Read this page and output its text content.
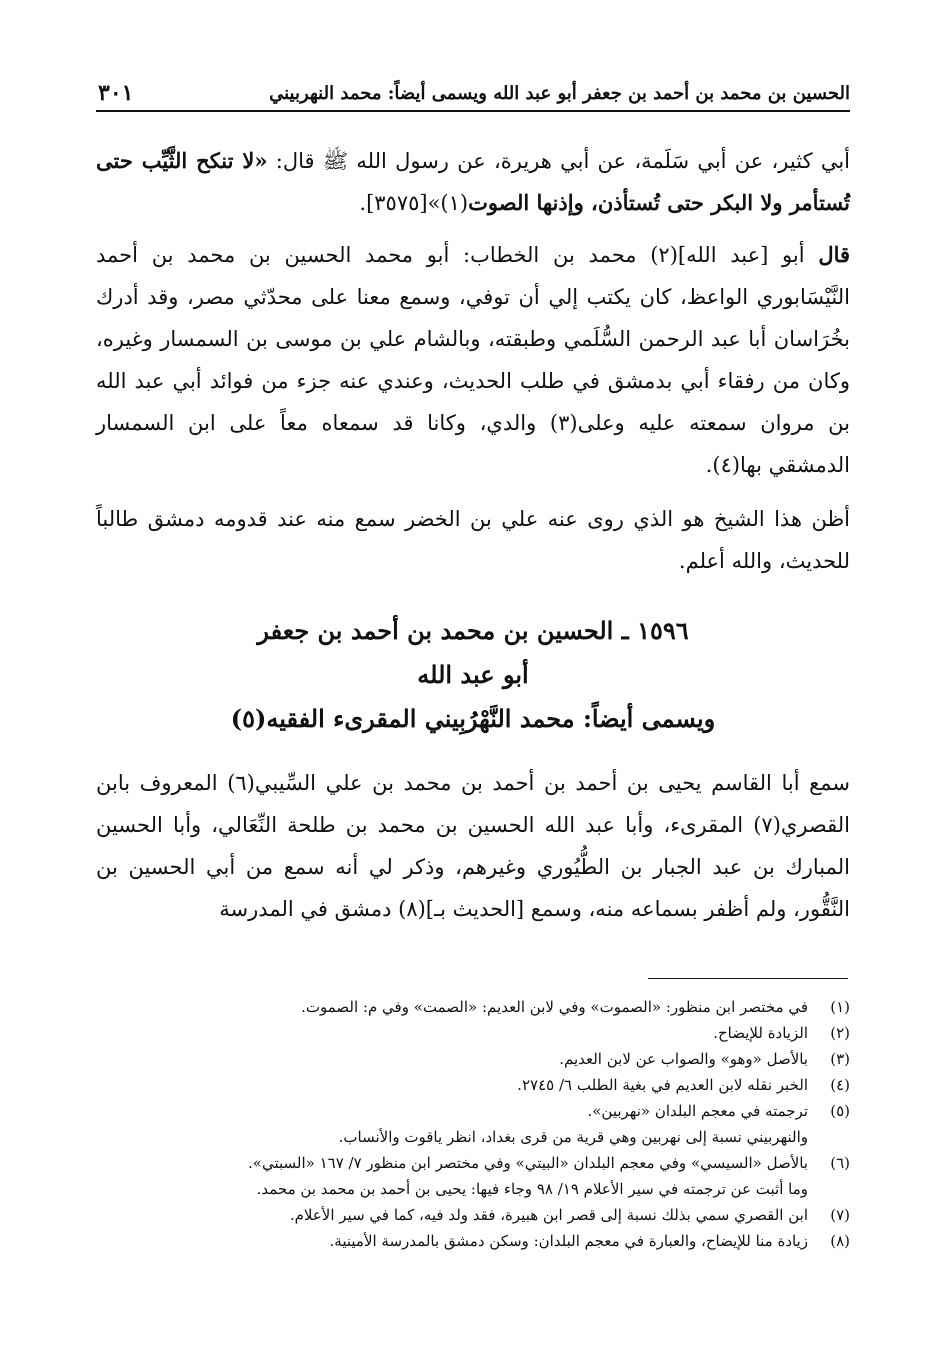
الحسين بن محمد بن أحمد بن جعفر أبو عبد الله ويسمى أيضاً: محمد النهربيني
٣٠١

أبي كثير، عن أبي سَلَمة، عن أبي هريرة، عن رسول الله ﷺ قال: «لا تنكح الثَّيِّب حتى تُستأمر ولا البكر حتى تُستأذن، وإذنها الصوت(١)»[٣٥٧٥].

قال أبو [عبد الله](٢) محمد بن الخطاب: أبو محمد الحسين بن محمد بن أحمد النَّيْسَابوري الواعظ، كان يكتب إلي أن توفي، وسمع معنا على محدّثي مصر، وقد أدرك بخُرَاسان أبا عبد الرحمن السُّلَمي وطبقته، وبالشام علي بن موسى بن السمسار وغيره، وكان من رفقاء أبي بدمشق في طلب الحديث، وعندي عنه جزء من فوائد أبي عبد الله بن مروان سمعته عليه وعلى(٣) والدي، وكانا قد سمعاه معاً على ابن السمسار الدمشقي بها(٤).

أظن هذا الشيخ هو الذي روى عنه علي بن الخضر سمع منه عند قدومه دمشق طالباً للحديث، والله أعلم.

١٥٩٦ ـ الحسين بن محمد بن أحمد بن جعفر
أبو عبد الله
ويسمى أيضاً: محمد النَّهْرُبِيني المقرىء الفقيه(٥)

سمع أبا القاسم يحيى بن أحمد بن أحمد بن محمد بن علي السِّيبي(٦) المعروف بابن القصري(٧) المقرىء، وأبا عبد الله الحسين بن محمد بن طلحة النِّعَالي، وأبا الحسين المبارك بن عبد الجبار بن الطُّيُوري وغيرهم، وذكر لي أنه سمع من أبي الحسين بن النَّقُّور، ولم أظفر بسماعه منه، وسمع [الحديث بـ](٨) دمشق في المدرسة

(١)
في مختصر ابن منظور: «الصموت» وفي لابن العديم: «الصمت» وفي م: الصموت.
(٢)
الزيادة للإيضاح.
(٣)
بالأصل «وهو» والصواب عن لابن العديم.
(٤)
الخبر نقله لابن العديم في بغية الطلب ٦/ ٢٧٤٥.
(٥)
ترجمته في معجم البلدان «نهربين».
والنهربيني نسبة إلى نهربين وهي قرية من قرى بغداد، انظر ياقوت والأنساب.
(٦)
بالأصل «السيسي» وفي معجم البلدان «البيتي» وفي مختصر ابن منظور ٧/ ١٦٧ «السبتي».
وما أثبت عن ترجمته في سير الأعلام ١٩/ ٩٨ وجاء فيها: يحيى بن أحمد بن محمد بن محمد.
(٧)
ابن القصري سمي بذلك نسبة إلى قصر ابن هبيرة، فقد ولد فيه، كما في سير الأعلام.
(٨)
زيادة منا للإيضاح، والعبارة في معجم البلدان: وسكن دمشق بالمدرسة الأمينية.
